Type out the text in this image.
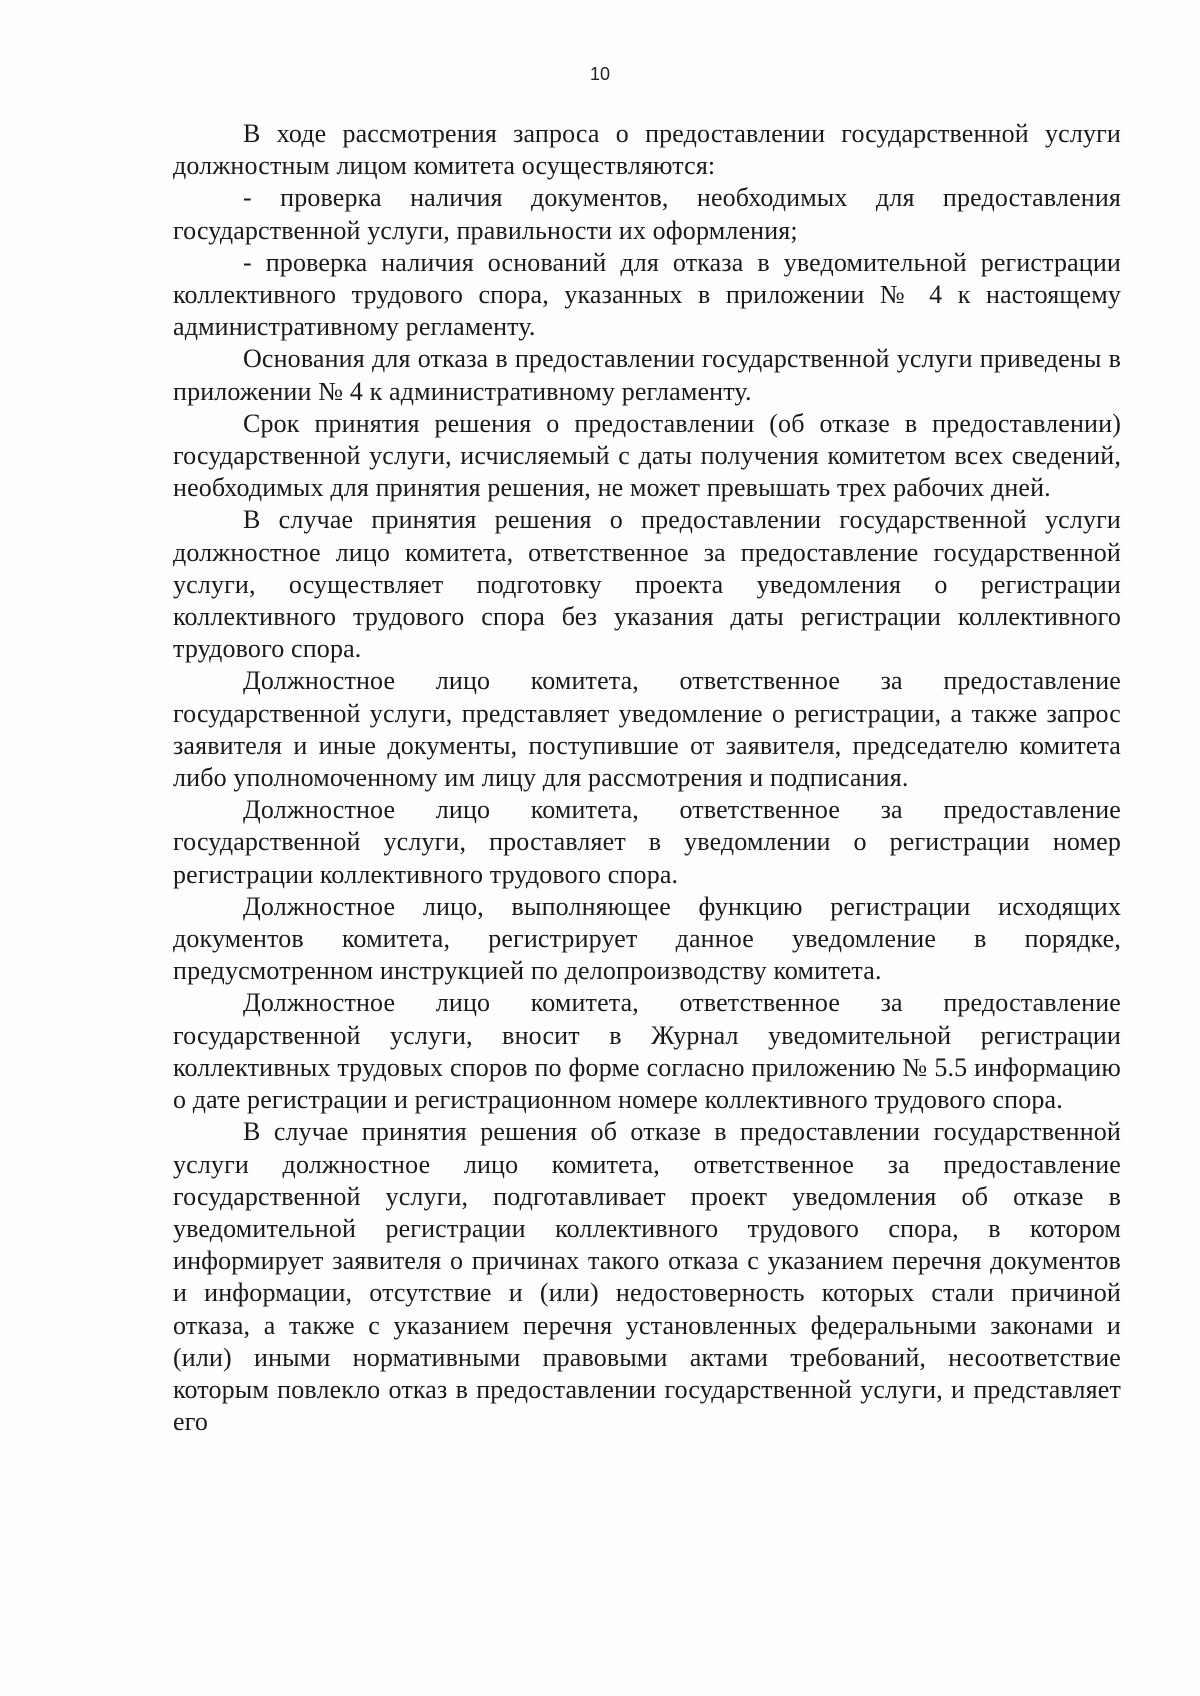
10

В ходе рассмотрения запроса о предоставлении государственной услуги должностным лицом комитета осуществляются:

- проверка наличия документов, необходимых для предоставления государственной услуги, правильности их оформления;

- проверка наличия оснований для отказа в уведомительной регистрации коллективного трудового спора, указанных в приложении № 4 к настоящему административному регламенту.

Основания для отказа в предоставлении государственной услуги приведены в приложении № 4 к административному регламенту.

Срок принятия решения о предоставлении (об отказе в предоставлении) государственной услуги, исчисляемый с даты получения комитетом всех сведений, необходимых для принятия решения, не может превышать трех рабочих дней.

В случае принятия решения о предоставлении государственной услуги должностное лицо комитета, ответственное за предоставление государственной услуги, осуществляет подготовку проекта уведомления о регистрации коллективного трудового спора без указания даты регистрации коллективного трудового спора.

Должностное лицо комитета, ответственное за предоставление государственной услуги, представляет уведомление о регистрации, а также запрос заявителя и иные документы, поступившие от заявителя, председателю комитета либо уполномоченному им лицу для рассмотрения и подписания.

Должностное лицо комитета, ответственное за предоставление государственной услуги, проставляет в уведомлении о регистрации номер регистрации коллективного трудового спора.

Должностное лицо, выполняющее функцию регистрации исходящих документов комитета, регистрирует данное уведомление в порядке, предусмотренном инструкцией по делопроизводству комитета.

Должностное лицо комитета, ответственное за предоставление государственной услуги, вносит в Журнал уведомительной регистрации коллективных трудовых споров по форме согласно приложению № 5.5 информацию о дате регистрации и регистрационном номере коллективного трудового спора.

В случае принятия решения об отказе в предоставлении государственной услуги должностное лицо комитета, ответственное за предоставление государственной услуги, подготавливает проект уведомления об отказе в уведомительной регистрации коллективного трудового спора, в котором информирует заявителя о причинах такого отказа с указанием перечня документов и информации, отсутствие и (или) недостоверность которых стали причиной отказа, а также с указанием перечня установленных федеральными законами и (или) иными нормативными правовыми актами требований, несоответствие которым повлекло отказ в предоставлении государственной услуги, и представляет его
